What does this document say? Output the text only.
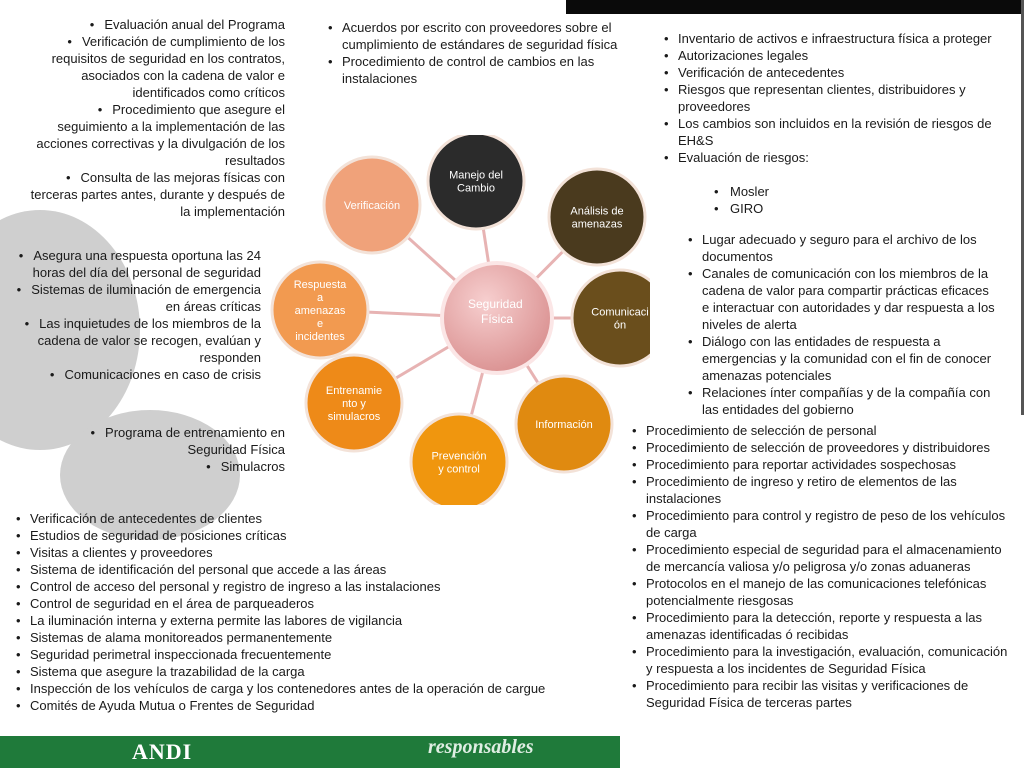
Seguridad Física
Verificación
Manejo del Cambio
Análisis de amenazas
Comunicaci ón
Información
Prevención y control
Entrenamie nto y simulacros
Respuesta a amenazas e incidentes
• Evaluación anual del Programa
• Verificación de cumplimiento de los requisitos de seguridad en los contratos, asociados con la cadena de valor e identificados como críticos
• Procedimiento que asegure el seguimiento a la implementación de las acciones correctivas y la divulgación de los resultados
• Consulta de las mejoras físicas con terceras partes antes, durante y después de la implementación
• Acuerdos por escrito con proveedores sobre el cumplimiento de estándares de seguridad física
• Procedimiento de control de cambios en las instalaciones
• Inventario de activos e infraestructura física a proteger
• Autorizaciones legales
• Verificación de antecedentes
• Riesgos que representan clientes, distribuidores y proveedores
• Los cambios son incluidos en la revisión de riesgos de EH&S
• Evaluación de riesgos:
• Mosler
• GIRO
• Lugar adecuado y seguro para el archivo de los documentos
• Canales de comunicación con los miembros de la cadena de valor para compartir prácticas eficaces e interactuar con autoridades y dar respuesta a los niveles de alerta
• Diálogo con las entidades de respuesta a emergencias y la comunidad con el fin de conocer amenazas potenciales
• Relaciones ínter compañías y de la compañía con las entidades del gobierno
• Asegura una respuesta oportuna las 24 horas del día del personal de seguridad
• Sistemas de iluminación de emergencia en áreas críticas
• Las inquietudes de los miembros de la cadena de valor se recogen, evalúan y responden
• Comunicaciones en caso de crisis
• Programa de entrenamiento en Seguridad Física
• Simulacros
• Verificación de antecedentes de clientes
• Estudios de seguridad de posiciones críticas
• Visitas a clientes y proveedores
• Sistema de identificación del personal que accede a las áreas
• Control de acceso del personal y registro de ingreso a las instalaciones
• Control de seguridad en el área de parqueaderos
• La iluminación interna y externa permite las labores de vigilancia
• Sistemas de alama monitoreados permanentemente
• Seguridad perimetral inspeccionada frecuentemente
• Sistema que asegure la trazabilidad de la carga
• Inspección de los vehículos de carga y los contenedores antes de la operación de cargue
• Comités de Ayuda Mutua o Frentes de Seguridad
• Procedimiento de selección de personal
• Procedimiento de selección de proveedores y distribuidores
• Procedimiento para reportar actividades sospechosas
• Procedimiento de ingreso y retiro de elementos de las instalaciones
• Procedimiento para control y registro de peso de los vehículos de carga
• Procedimiento especial de seguridad para el almacenamiento de mercancía valiosa y/o peligrosa y/o zonas aduaneras
• Protocolos en el manejo de las comunicaciones telefónicas potencialmente riesgosas
• Procedimiento para la detección, reporte y respuesta a las amenazas identificadas ó recibidas
• Procedimiento para la investigación, evaluación, comunicación y respuesta a los incidentes de Seguridad Física
• Procedimiento para recibir las visitas y verificaciones de Seguridad Física de terceras partes
ANDI	responsables
